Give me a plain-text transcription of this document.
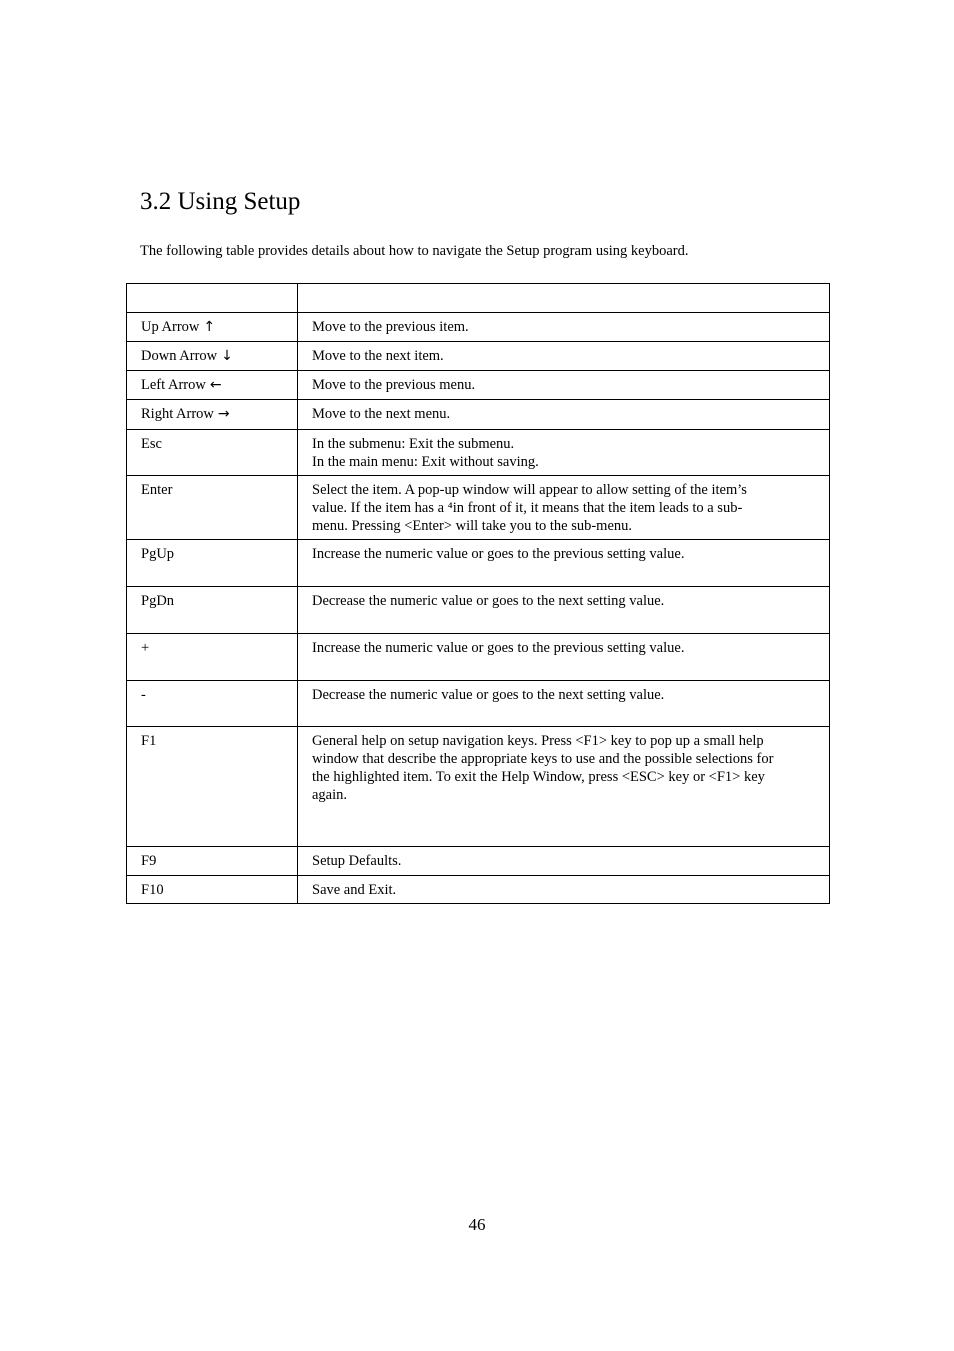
3.2 Using Setup

The following table provides details about how to navigate the Setup program using keyboard.

Up Arrow ↑	Move to the previous item.

Down Arrow ↓	Move to the next item.

Left Arrow ←	Move to the previous menu.

Right Arrow →	Move to the next menu.

Esc	In the submenu: Exit the submenu.
In the main menu: Exit without saving.

Enter	Select the item. A pop-up window will appear to allow setting of the item’s
value. If the item has a ⁴in front of it, it means that the item leads to a sub-
menu. Pressing <Enter> will take you to the sub-menu.

PgUp	Increase the numeric value or goes to the previous setting value.

PgDn	Decrease the numeric value or goes to the next setting value.

+	Increase the numeric value or goes to the previous setting value.

-	Decrease the numeric value or goes to the next setting value.

F1	General help on setup navigation keys. Press <F1> key to pop up a small help
window that describe the appropriate keys to use and the possible selections for
the highlighted item. To exit the Help Window, press <ESC> key or <F1> key
again.

F9	Setup Defaults.

F10	Save and Exit.
46
